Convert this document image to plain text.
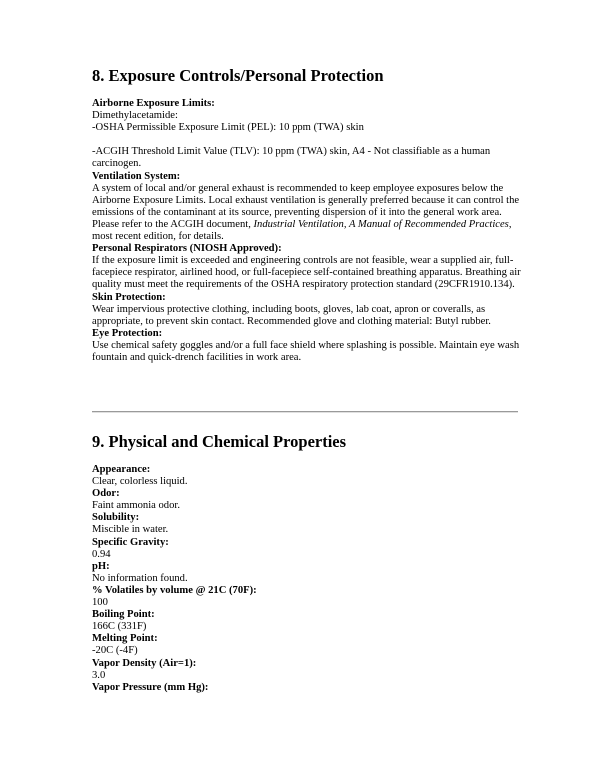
8. Exposure Controls/Personal Protection
Airborne Exposure Limits:
Dimethylacetamide:
-OSHA Permissible Exposure Limit (PEL): 10 ppm (TWA) skin
-ACGIH Threshold Limit Value (TLV): 10 ppm (TWA) skin, A4 - Not classifiable as a human carcinogen.
Ventilation System:
A system of local and/or general exhaust is recommended to keep employee exposures below the Airborne Exposure Limits. Local exhaust ventilation is generally preferred because it can control the emissions of the contaminant at its source, preventing dispersion of it into the general work area. Please refer to the ACGIH document, Industrial Ventilation, A Manual of Recommended Practices, most recent edition, for details.
Personal Respirators (NIOSH Approved):
If the exposure limit is exceeded and engineering controls are not feasible, wear a supplied air, full-facepiece respirator, airlined hood, or full-facepiece self-contained breathing apparatus. Breathing air quality must meet the requirements of the OSHA respiratory protection standard (29CFR1910.134).
Skin Protection:
Wear impervious protective clothing, including boots, gloves, lab coat, apron or coveralls, as appropriate, to prevent skin contact. Recommended glove and clothing material: Butyl rubber.
Eye Protection:
Use chemical safety goggles and/or a full face shield where splashing is possible. Maintain eye wash fountain and quick-drench facilities in work area.
9. Physical and Chemical Properties
Appearance:
Clear, colorless liquid.
Odor:
Faint ammonia odor.
Solubility:
Miscible in water.
Specific Gravity:
0.94
pH:
No information found.
% Volatiles by volume @ 21C (70F):
100
Boiling Point:
166C (331F)
Melting Point:
-20C (-4F)
Vapor Density (Air=1):
3.0
Vapor Pressure (mm Hg):
